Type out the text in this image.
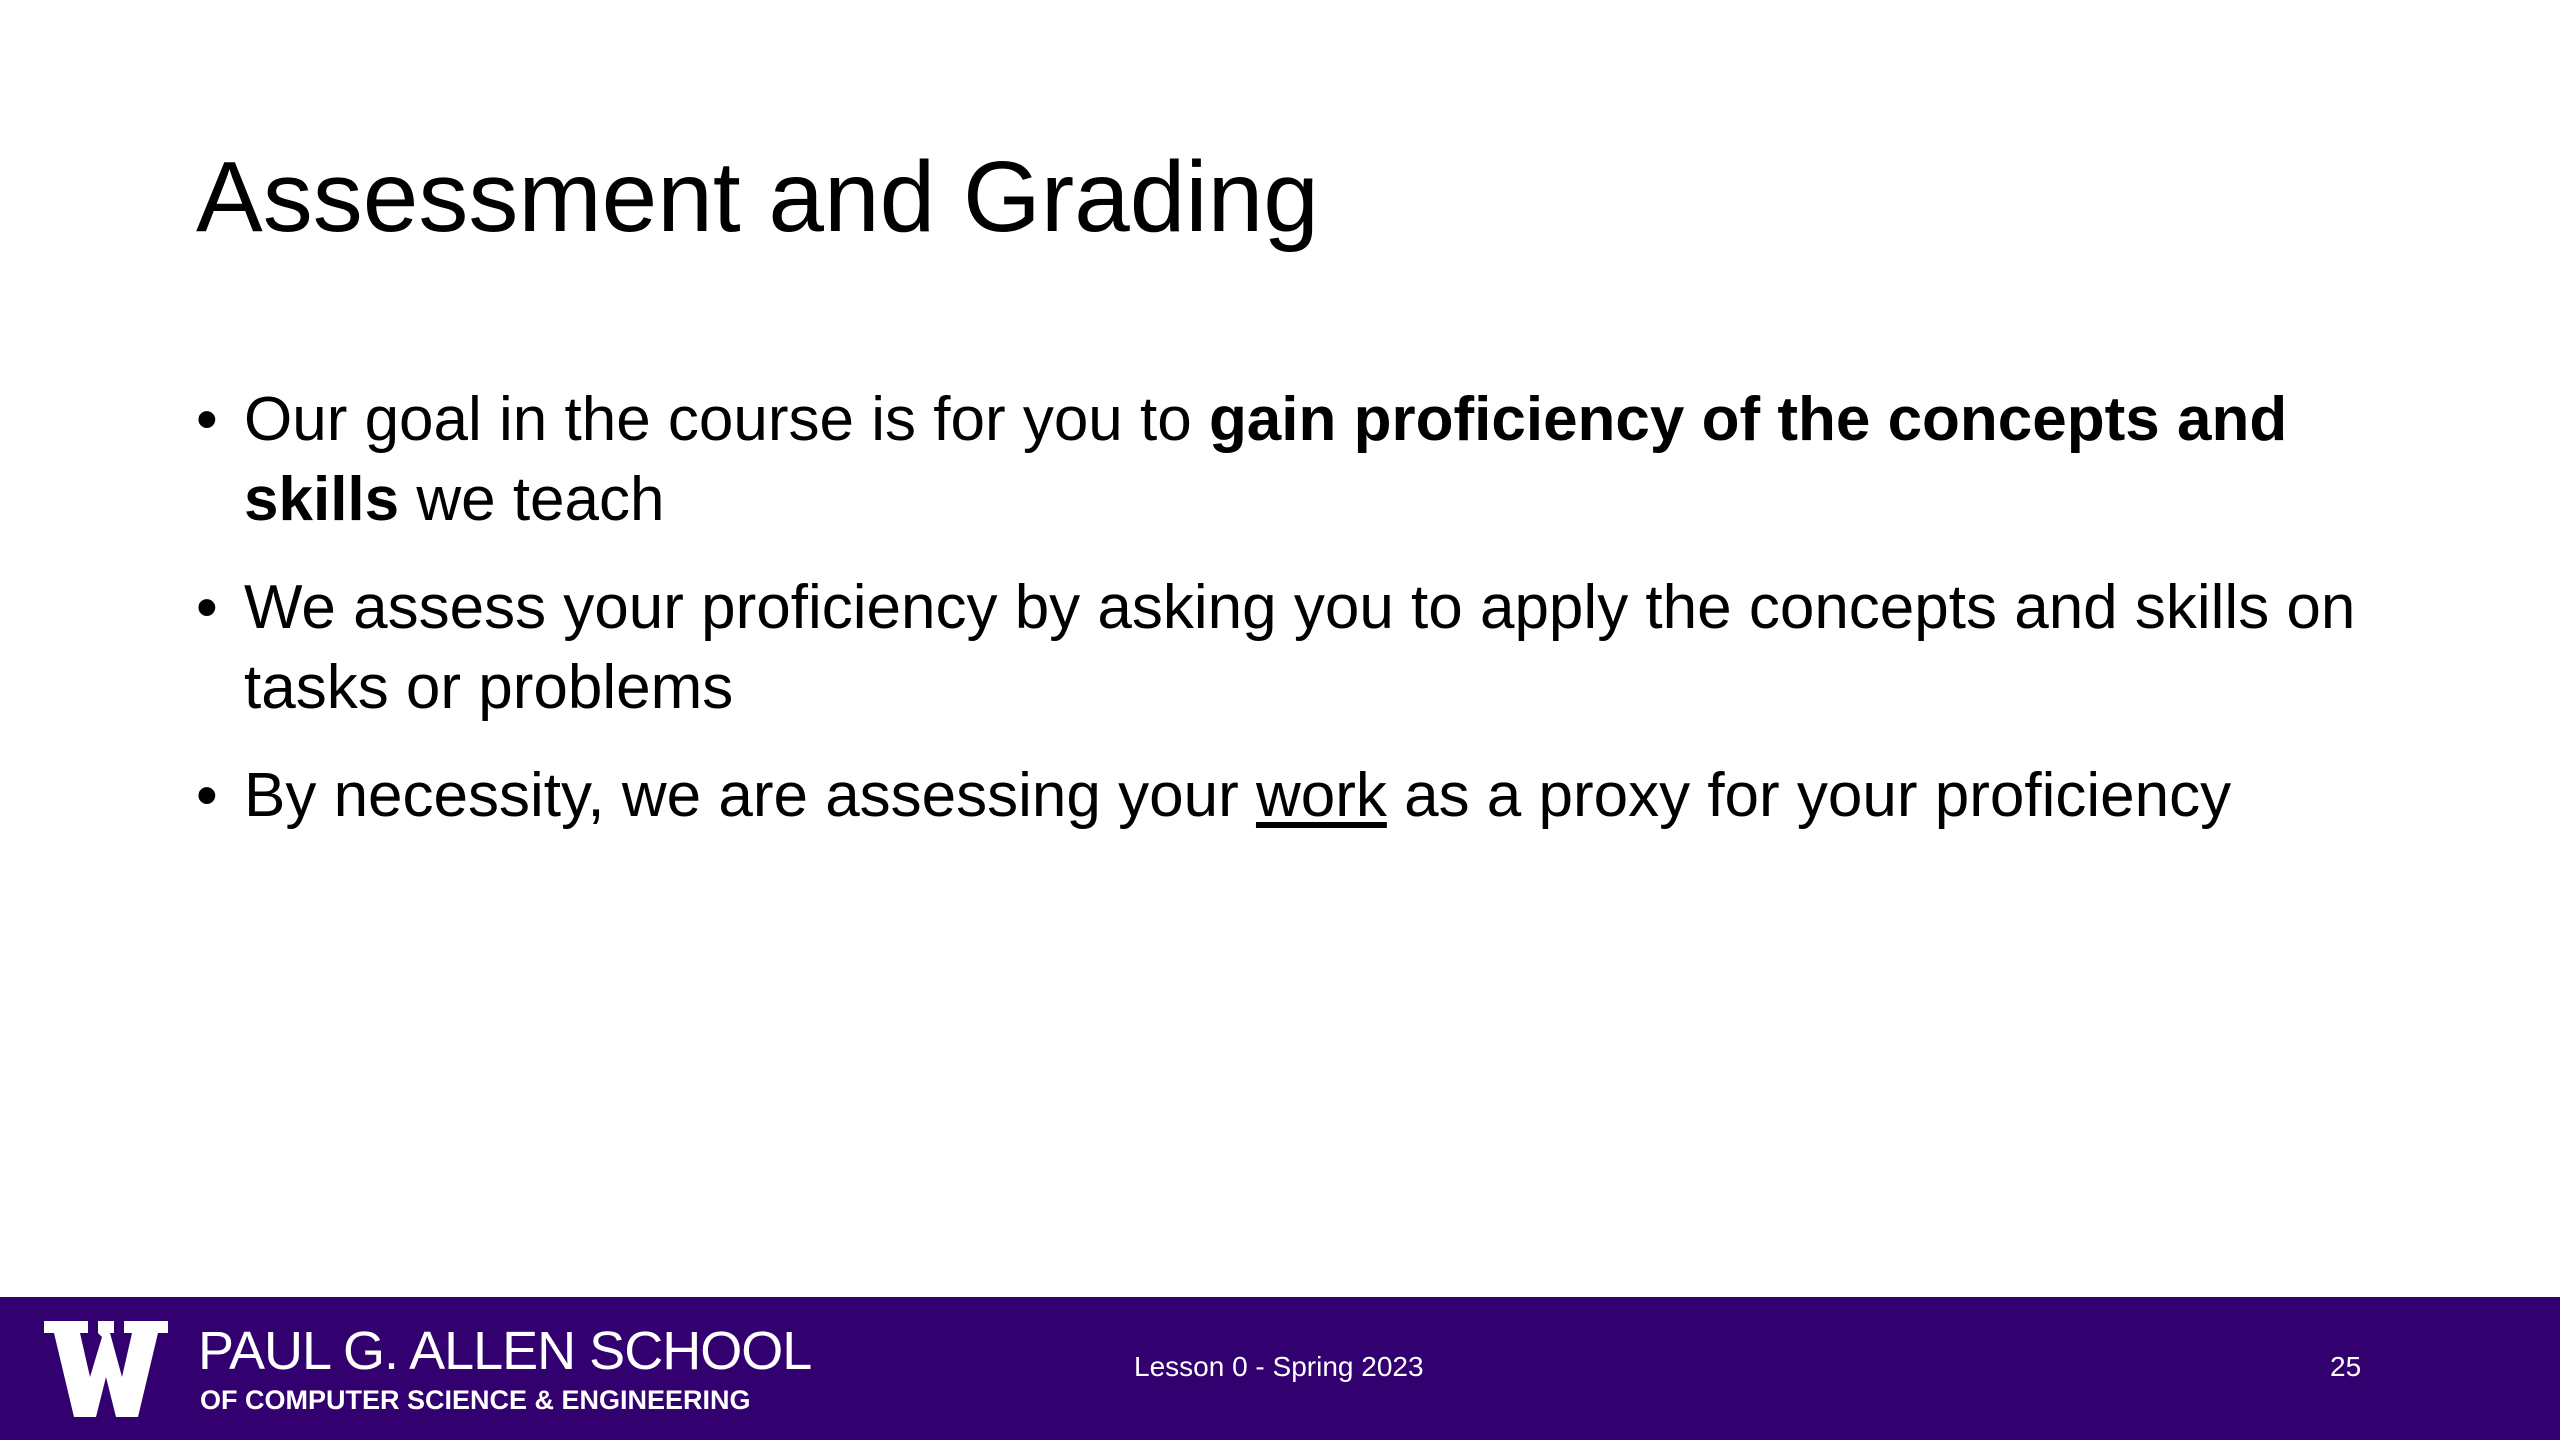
Assessment and Grading
• Our goal in the course is for you to gain proficiency of the concepts and skills we teach
• We assess your proficiency by asking you to apply the concepts and skills on tasks or problems
• By necessity, we are assessing your work as a proxy for your proficiency
PAUL G. ALLEN SCHOOL
OF COMPUTER SCIENCE & ENGINEERING
Lesson 0 - Spring 2023	25
